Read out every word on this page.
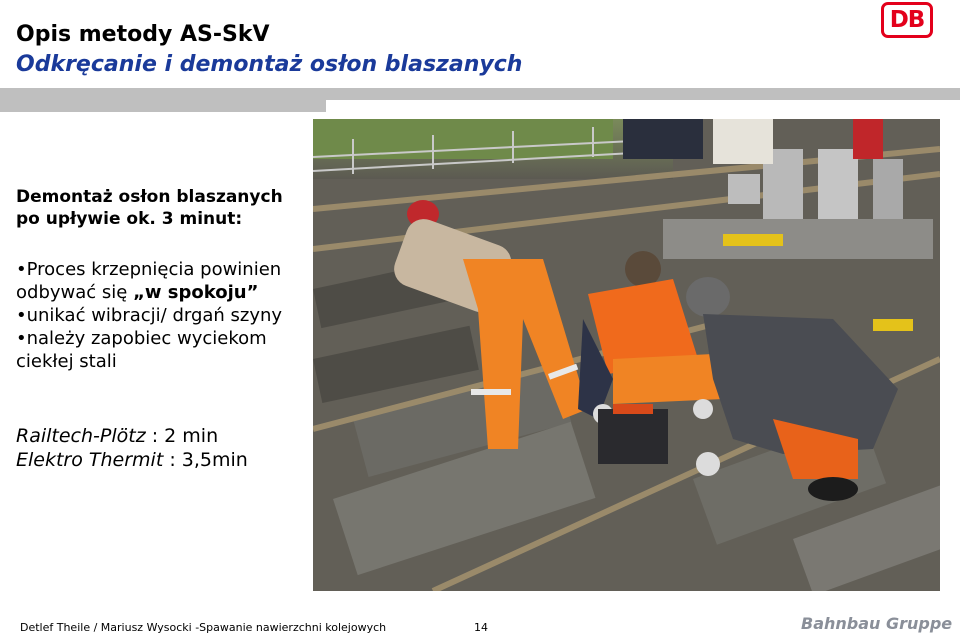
Opis metody AS-SkV
Odkręcanie i demontaż osłon blaszanych
DB
Demontaż osłon blaszanych
po upływie ok. 3 minut:
•Proces krzepnięcia powinien
odbywać się „w spokoju”
•unikać wibracji/ drgań szyny
•należy zapobiec wyciekom
ciekłej stali
Railtech-Plötz : 2 min
Elektro Thermit : 3,5min
Detlef Theile / Mariusz Wysocki -Spawanie nawierzchni kolejowych	14	Bahnbau Gruppe
